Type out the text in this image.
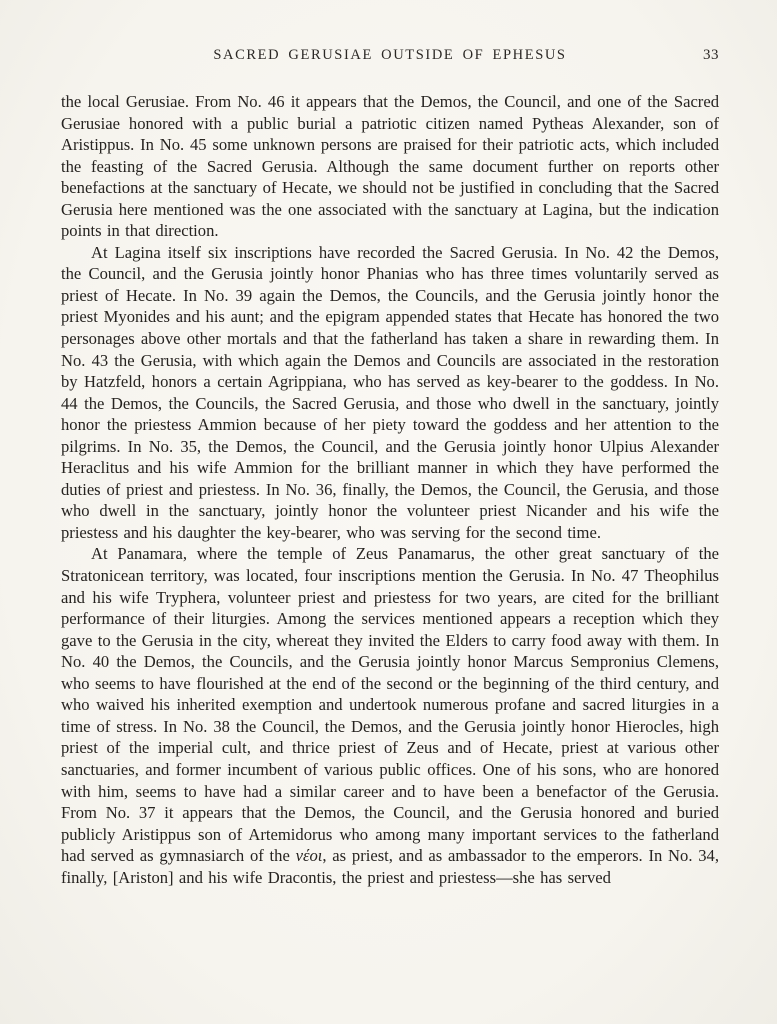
SACRED GERUSIAE OUTSIDE OF EPHESUS	33

the local Gerusiae. From No. 46 it appears that the Demos, the Council, and one of the Sacred Gerusiae honored with a public burial a patriotic citizen named Pytheas Alexander, son of Aristippus. In No. 45 some unknown persons are praised for their patriotic acts, which included the feasting of the Sacred Gerusia. Although the same document further on reports other benefactions at the sanctuary of Hecate, we should not be justified in concluding that the Sacred Gerusia here mentioned was the one associated with the sanctuary at Lagina, but the indication points in that direction.

At Lagina itself six inscriptions have recorded the Sacred Gerusia. In No. 42 the Demos, the Council, and the Gerusia jointly honor Phanias who has three times voluntarily served as priest of Hecate. In No. 39 again the Demos, the Councils, and the Gerusia jointly honor the priest Myonides and his aunt; and the epigram appended states that Hecate has honored the two personages above other mortals and that the fatherland has taken a share in rewarding them. In No. 43 the Gerusia, with which again the Demos and Councils are associated in the restoration by Hatzfeld, honors a certain Agrippiana, who has served as key-bearer to the goddess. In No. 44 the Demos, the Councils, the Sacred Gerusia, and those who dwell in the sanctuary, jointly honor the priestess Ammion because of her piety toward the goddess and her attention to the pilgrims. In No. 35, the Demos, the Council, and the Gerusia jointly honor Ulpius Alexander Heraclitus and his wife Ammion for the brilliant manner in which they have performed the duties of priest and priestess. In No. 36, finally, the Demos, the Council, the Gerusia, and those who dwell in the sanctuary, jointly honor the volunteer priest Nicander and his wife the priestess and his daughter the key-bearer, who was serving for the second time.

At Panamara, where the temple of Zeus Panamarus, the other great sanctuary of the Stratonicean territory, was located, four inscriptions mention the Gerusia. In No. 47 Theophilus and his wife Tryphera, volunteer priest and priestess for two years, are cited for the brilliant performance of their liturgies. Among the services mentioned appears a reception which they gave to the Gerusia in the city, whereat they invited the Elders to carry food away with them. In No. 40 the Demos, the Councils, and the Gerusia jointly honor Marcus Sempronius Clemens, who seems to have flourished at the end of the second or the beginning of the third century, and who waived his inherited exemption and undertook numerous profane and sacred liturgies in a time of stress. In No. 38 the Council, the Demos, and the Gerusia jointly honor Hierocles, high priest of the imperial cult, and thrice priest of Zeus and of Hecate, priest at various other sanctuaries, and former incumbent of various public offices. One of his sons, who are honored with him, seems to have had a similar career and to have been a benefactor of the Gerusia. From No. 37 it appears that the Demos, the Council, and the Gerusia honored and buried publicly Aristippus son of Artemidorus who among many important services to the fatherland had served as gymnasiarch of the νέοι, as priest, and as ambassador to the emperors. In No. 34, finally, [Ariston] and his wife Dracontis, the priest and priestess—she has served
